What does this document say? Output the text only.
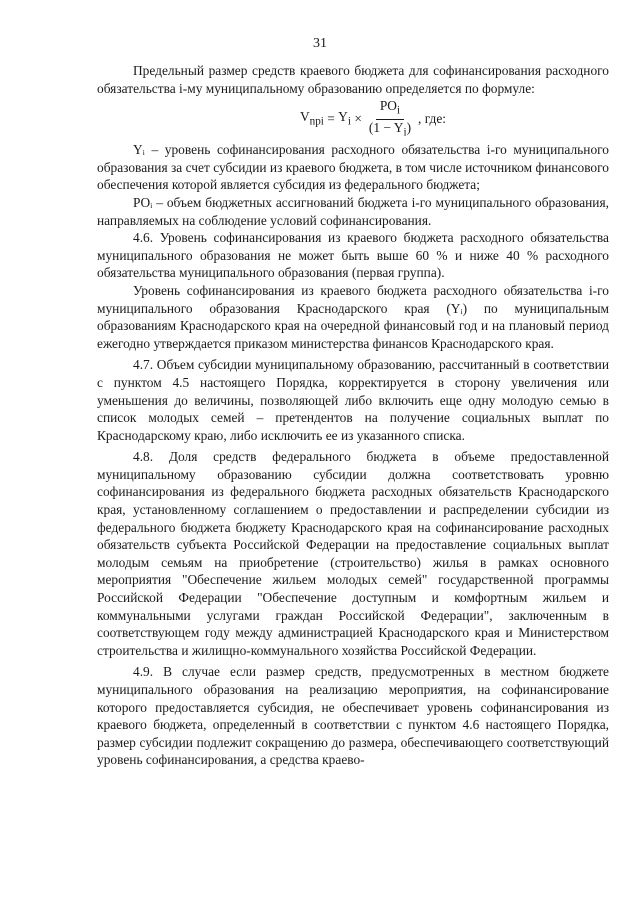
31

Предельный размер средств краевого бюджета для софинансирования расходного обязательства i-му муниципальному образованию определяется по формуле:

$V_{npi}$
=
$Y_i$
× $\frac{PO_i}{(1 - Y_i)}$ , где:

Yᵢ – уровень софинансирования расходного обязательства i-го муниципального образования за счет субсидии из краевого бюджета, в том числе источником финансового обеспечения которой является субсидия из федерального бюджета;

POᵢ – объем бюджетных ассигнований бюджета i-го муниципального образования, направляемых на соблюдение условий софинансирования.

4.6. Уровень софинансирования из краевого бюджета расходного обязательства муниципального образования не может быть выше 60 % и ниже 40 % расходного обязательства муниципального образования (первая группа).

Уровень софинансирования из краевого бюджета расходного обязательства i-го муниципального образования Краснодарского края (Yᵢ) по муниципальным образованиям Краснодарского края на очередной финансовый год и на плановый период ежегодно утверждается приказом министерства финансов Краснодарского края.

4.7. Объем субсидии муниципальному образованию, рассчитанный в соответствии с пунктом 4.5 настоящего Порядка, корректируется в сторону увеличения или уменьшения до величины, позволяющей либо включить еще одну молодую семью в список молодых семей – претендентов на получение социальных выплат по Краснодарскому краю, либо исключить ее из указанного списка.

4.8. Доля средств федерального бюджета в объеме предоставленной муниципальному образованию субсидии должна соответствовать уровню софинансирования из федерального бюджета расходных обязательств Краснодарского края, установленному соглашением о предоставлении и распределении субсидии из федерального бюджета бюджету Краснодарского края на софинансирование расходных обязательств субъекта Российской Федерации на предоставление социальных выплат молодым семьям на приобретение (строительство) жилья в рамках основного мероприятия "Обеспечение жильем молодых семей" государственной программы Российской Федерации "Обеспечение доступным и комфортным жильем и коммунальными услугами граждан Российской Федерации", заключенным в соответствующем году между администрацией Краснодарского края и Министерством строительства и жилищно-коммунального хозяйства Российской Федерации.

4.9. В случае если размер средств, предусмотренных в местном бюджете муниципального образования на реализацию мероприятия, на софинансирование которого предоставляется субсидия, не обеспечивает уровень софинансирования из краевого бюджета, определенный в соответствии с пунктом 4.6 настоящего Порядка, размер субсидии подлежит сокращению до размера, обеспечивающего соответствующий уровень софинансирования, а средства краево-
